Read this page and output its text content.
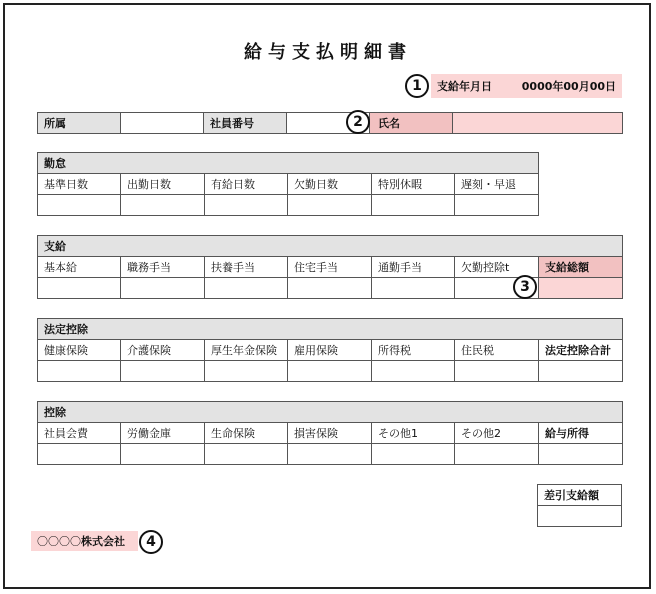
給与支払明細書
支給年月日	0000年00月00日
1
所属		社員番号		氏名	
2
勤怠					
基準日数	出勤日数	有給日数	欠勤日数	特別休暇	遅刻・早退

支給						
基本給	職務手当	扶養手当	住宅手当	通勤手当	欠勤控除t	支給総額

3
法定控除						
健康保険	介護保険	厚生年金保険	雇用保険	所得税	住民税	法定控除合計

控除						
社員会費	労働金庫	生命保険	損害保険	その他1	その他2	給与所得

差引支給額

〇〇〇〇 株式会社	4
